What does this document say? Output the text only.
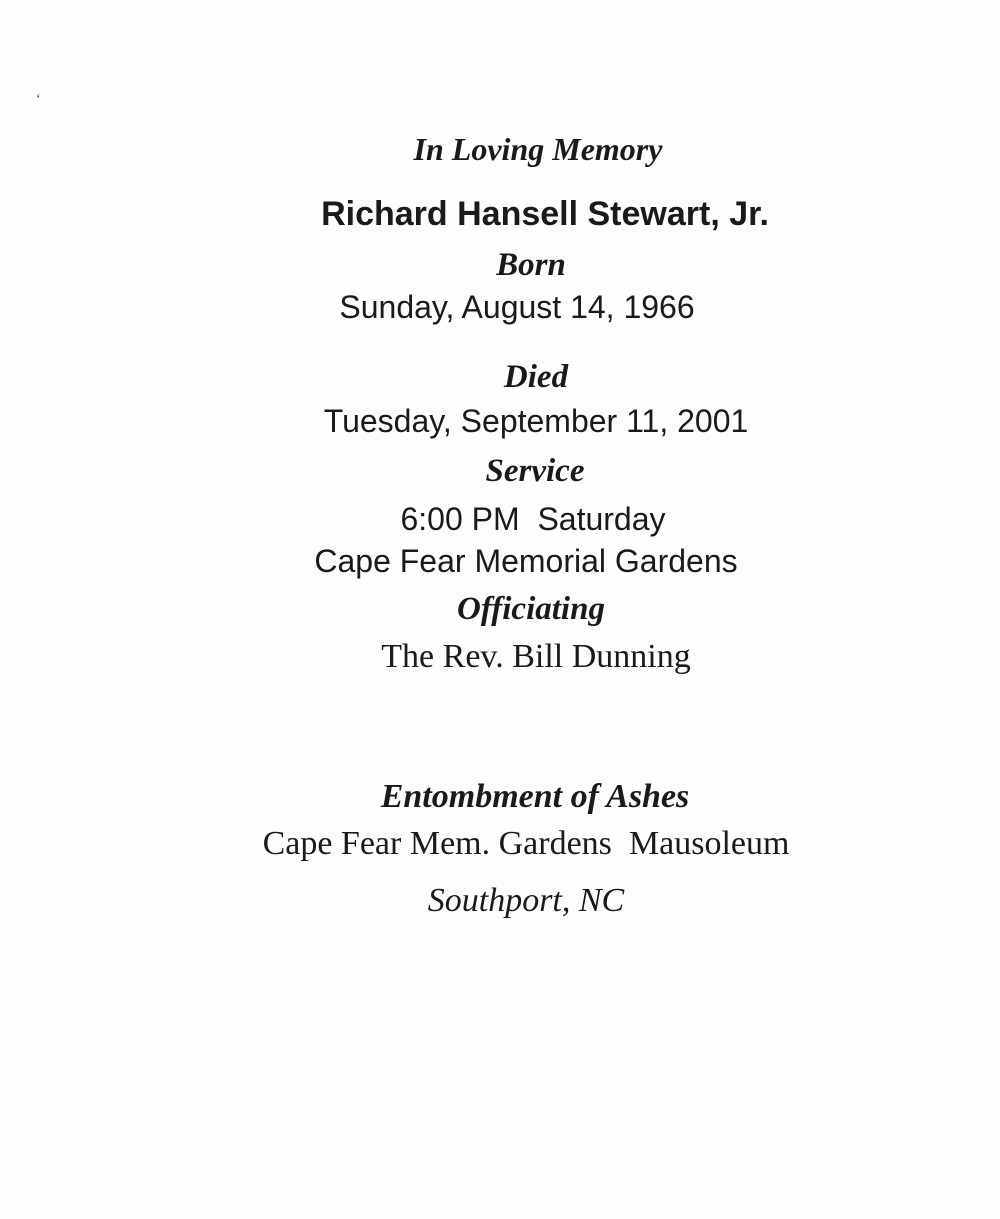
‘
In Loving Memory
Richard Hansell Stewart, Jr.
Born
Sunday, August 14, 1966
Died
Tuesday, September 11, 2001
Service
6:00 PM  Saturday
Cape Fear Memorial Gardens
Officiating
The Rev. Bill Dunning
Entombment of Ashes
Cape Fear Mem. Gardens  Mausoleum
Southport, NC
